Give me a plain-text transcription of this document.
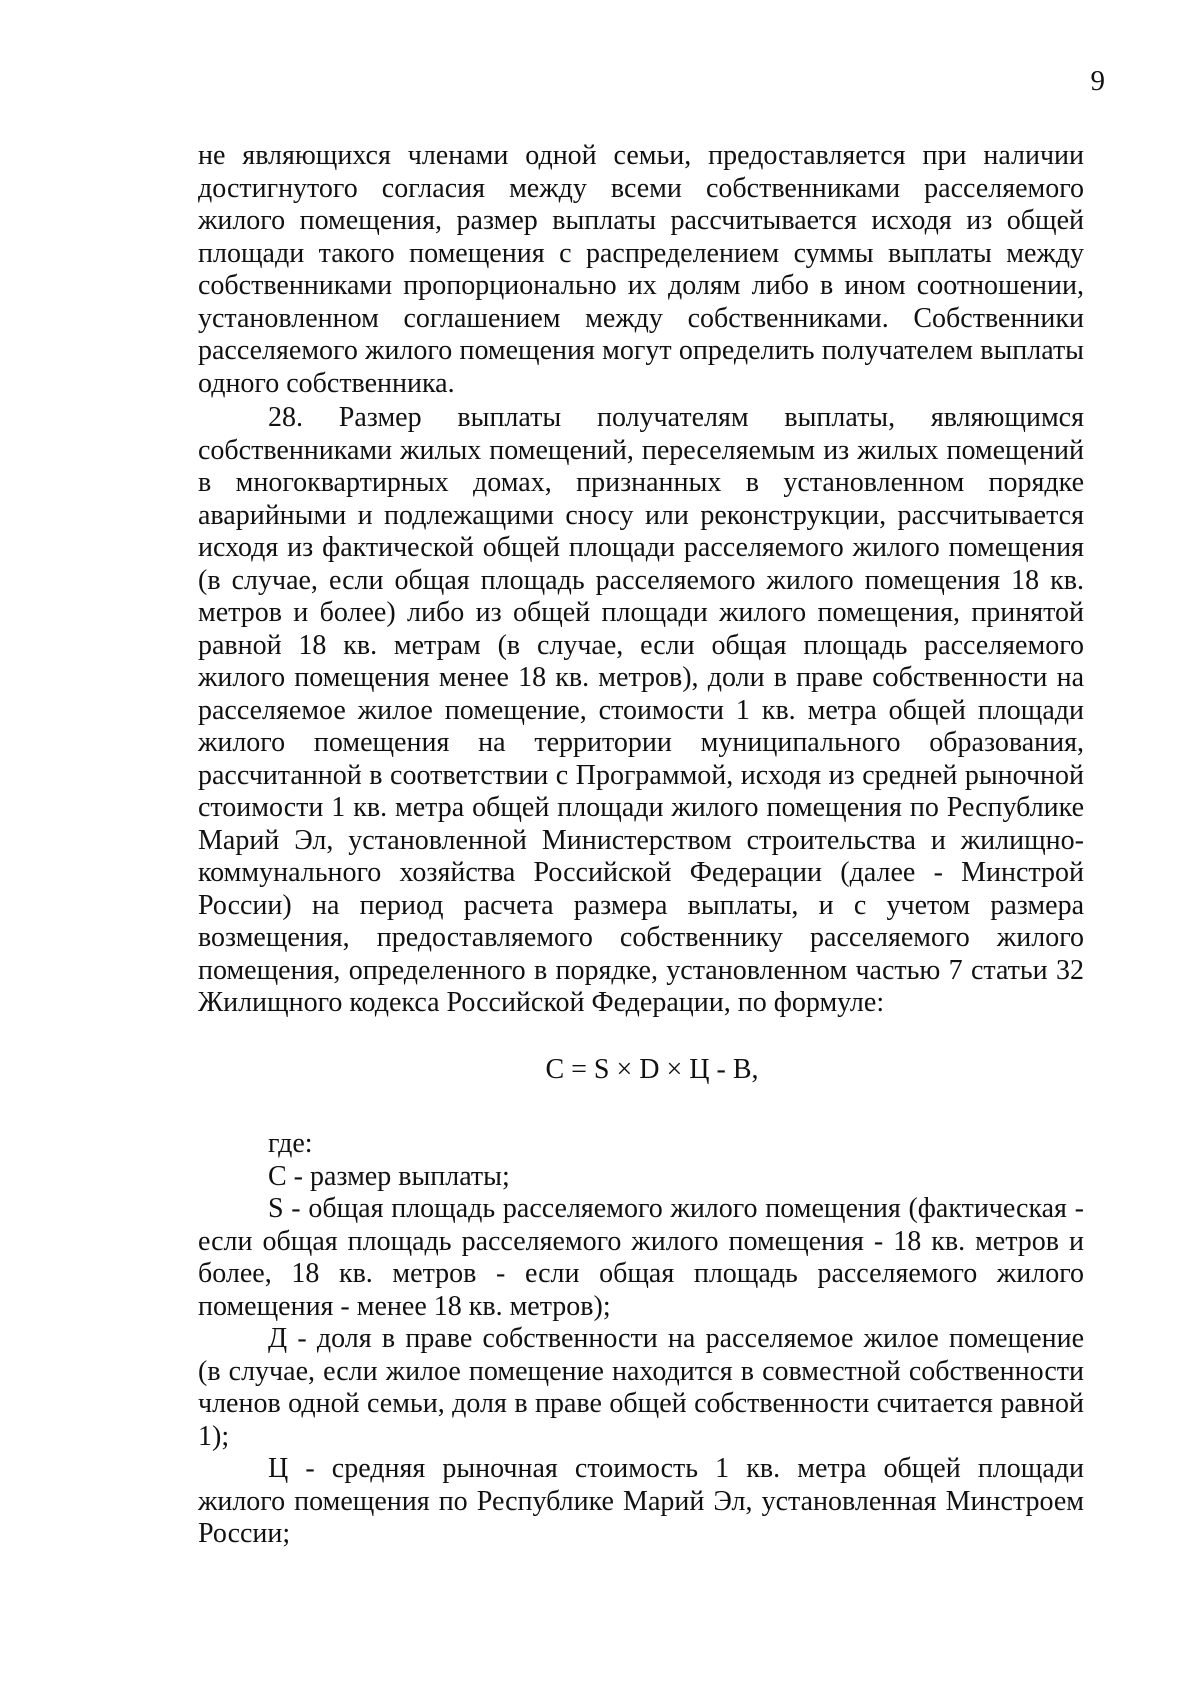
9

не являющихся членами одной семьи, предоставляется при наличии достигнутого согласия между всеми собственниками расселяемого жилого помещения, размер выплаты рассчитывается исходя из общей площади такого помещения с распределением суммы выплаты между собственниками пропорционально их долям либо в ином соотношении, установленном соглашением между собственниками. Собственники расселяемого жилого помещения могут определить получателем выплаты одного собственника.

28. Размер выплаты получателям выплаты, являющимся собственниками жилых помещений, переселяемым из жилых помещений в многоквартирных домах, признанных в установленном порядке аварийными и подлежащими сносу или реконструкции, рассчитывается исходя из фактической общей площади расселяемого жилого помещения (в случае, если общая площадь расселяемого жилого помещения 18 кв. метров и более) либо из общей площади жилого помещения, принятой равной 18 кв. метрам (в случае, если общая площадь расселяемого жилого помещения менее 18 кв. метров), доли в праве собственности на расселяемое жилое помещение, стоимости 1 кв. метра общей площади жилого помещения на территории муниципального образования, рассчитанной в соответствии с Программой, исходя из средней рыночной стоимости 1 кв. метра общей площади жилого помещения по Республике Марий Эл, установленной Министерством строительства и жилищно-коммунального хозяйства Российской Федерации (далее - Минстрой России) на период расчета размера выплаты, и с учетом размера возмещения, предоставляемого собственнику расселяемого жилого помещения, определенного в порядке, установленном частью 7 статьи 32 Жилищного кодекса Российской Федерации, по формуле:

C = S × D × Ц - B,

где:

C - размер выплаты;

S - общая площадь расселяемого жилого помещения (фактическая - если общая площадь расселяемого жилого помещения - 18 кв. метров и более, 18 кв. метров - если общая площадь расселяемого жилого помещения - менее 18 кв. метров);

Д - доля в праве собственности на расселяемое жилое помещение (в случае, если жилое помещение находится в совместной собственности членов одной семьи, доля в праве общей собственности считается равной 1);

Ц - средняя рыночная стоимость 1 кв. метра общей площади жилого помещения по Республике Марий Эл, установленная Минстроем России;
